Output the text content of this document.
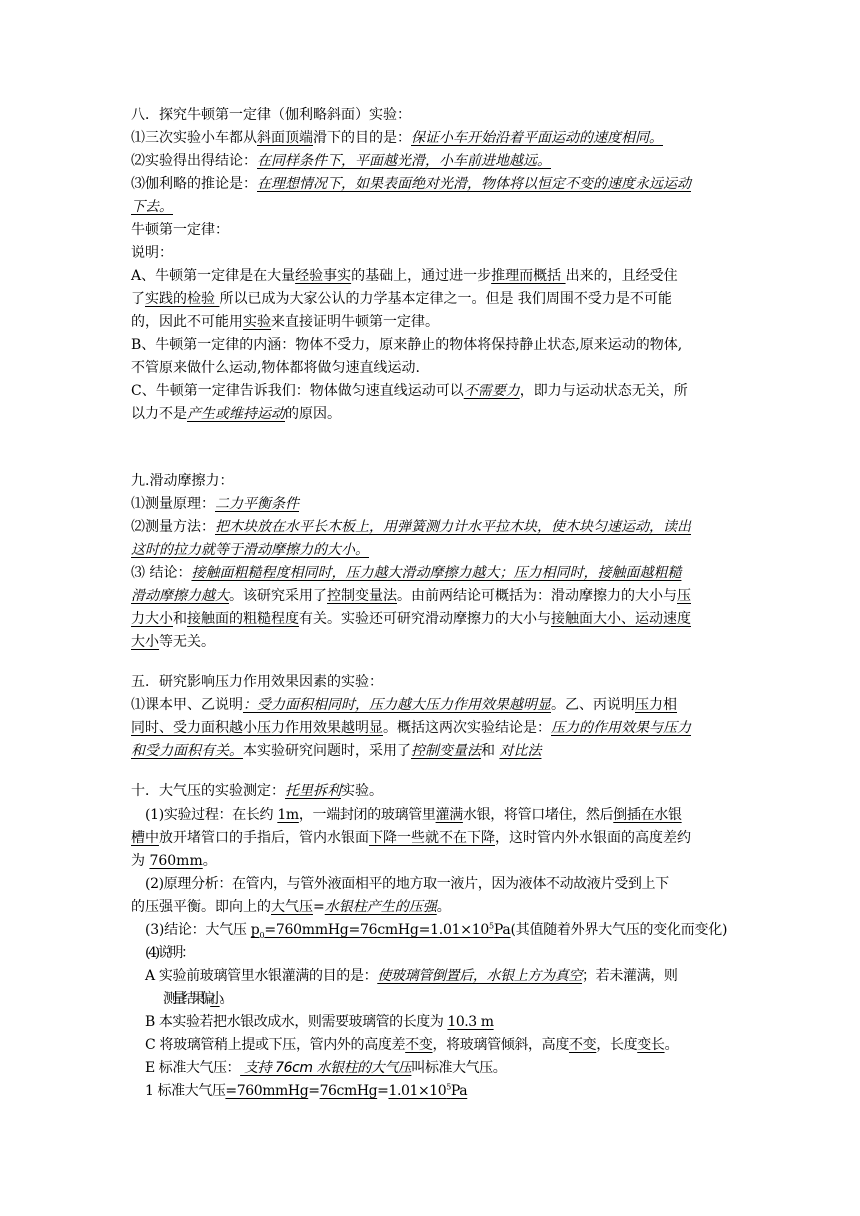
八．探究牛顿第一定律（伽利略斜面）实验：
⑴三次实验小车都从斜面顶端滑下的目的是：保证小车开始沿着平面运动的速度相同。
⑵实验得出得结论：在同样条件下，平面越光滑，小车前进地越远。
⑶伽利略的推论是：在理想情况下，如果表面绝对光滑，物体将以恒定不变的速度永远运动
下去。
牛顿第一定律：
说明：
A、牛顿第一定律是在大量经验事实的基础上，通过进一步推理而概括 出来的，且经受住
了实践的检验 所以已成为大家公认的力学基本定律之一。但是 我们周围不受力是不可能
的，因此不可能用实验来直接证明牛顿第一定律。
B、牛顿第一定律的内涵：物体不受力，原来静止的物体将保持静止状态,原来运动的物体,
不管原来做什么运动,物体都将做匀速直线运动.
C、牛顿第一定律告诉我们：物体做匀速直线运动可以不需要力，即力与运动状态无关，所
以力不是产生或维持运动的原因。
九.滑动摩擦力：
⑴测量原理：二力平衡条件
⑵测量方法：把木块放在水平长木板上，用弹簧测力计水平拉木块，使木块匀速运动，读出
这时的拉力就等于滑动摩擦力的大小。
⑶ 结论：接触面粗糙程度相同时，压力越大滑动摩擦力越大；压力相同时，接触面越粗糙
滑动摩擦力越大。该研究采用了控制变量法。由前两结论可概括为：滑动摩擦力的大小与压
力大小和接触面的粗糙程度有关。实验还可研究滑动摩擦力的大小与接触面大小、运动速度
大小等无关。
五．研究影响压力作用效果因素的实验：
⑴课本甲、乙说明：受力面积相同时，压力越大压力作用效果越明显。乙、丙说明压力相
同时、受力面积越小压力作用效果越明显。概括这两次实验结论是：压力的作用效果与压力
和受力面积有关。本实验研究问题时，采用了控制变量法和 对比法
十．大气压的实验测定：托里拆利实验。
(1)实验过程：在长约 1m，一端封闭的玻璃管里灌满水银，将管口堵住，然后倒插在水银
槽中放开堵管口的手指后，管内水银面下降一些就不在下降，这时管内外水银面的高度差约
为 760mm。
(2)原理分析：在管内，与管外液面相平的地方取一液片，因为液体不动故液片受到上下
的压强平衡。即向上的大气压=水银柱产生的压强。
(3)结论：大气压 $p_0=760mmHg=76cmHg=1.01\times 10^5Pa$(其值随着外界大气压的变化而变化)
(4)说明：
A 实验前玻璃管里水银灌满的目的是：使玻璃管倒置后，水银上方为真空；若未灌满，则
测量结果偏小。
B 本实验若把水银改成水，则需要玻璃管的长度为 10.3 m
C 将玻璃管稍上提或下压，管内外的高度差不变，将玻璃管倾斜，高度不变，长度变长。
E 标准大气压： 支持 76cm 水银柱的大气压叫标准大气压。
1 标准大气压$=760mmHg=76cmHg=1.01\times 10^5Pa$
